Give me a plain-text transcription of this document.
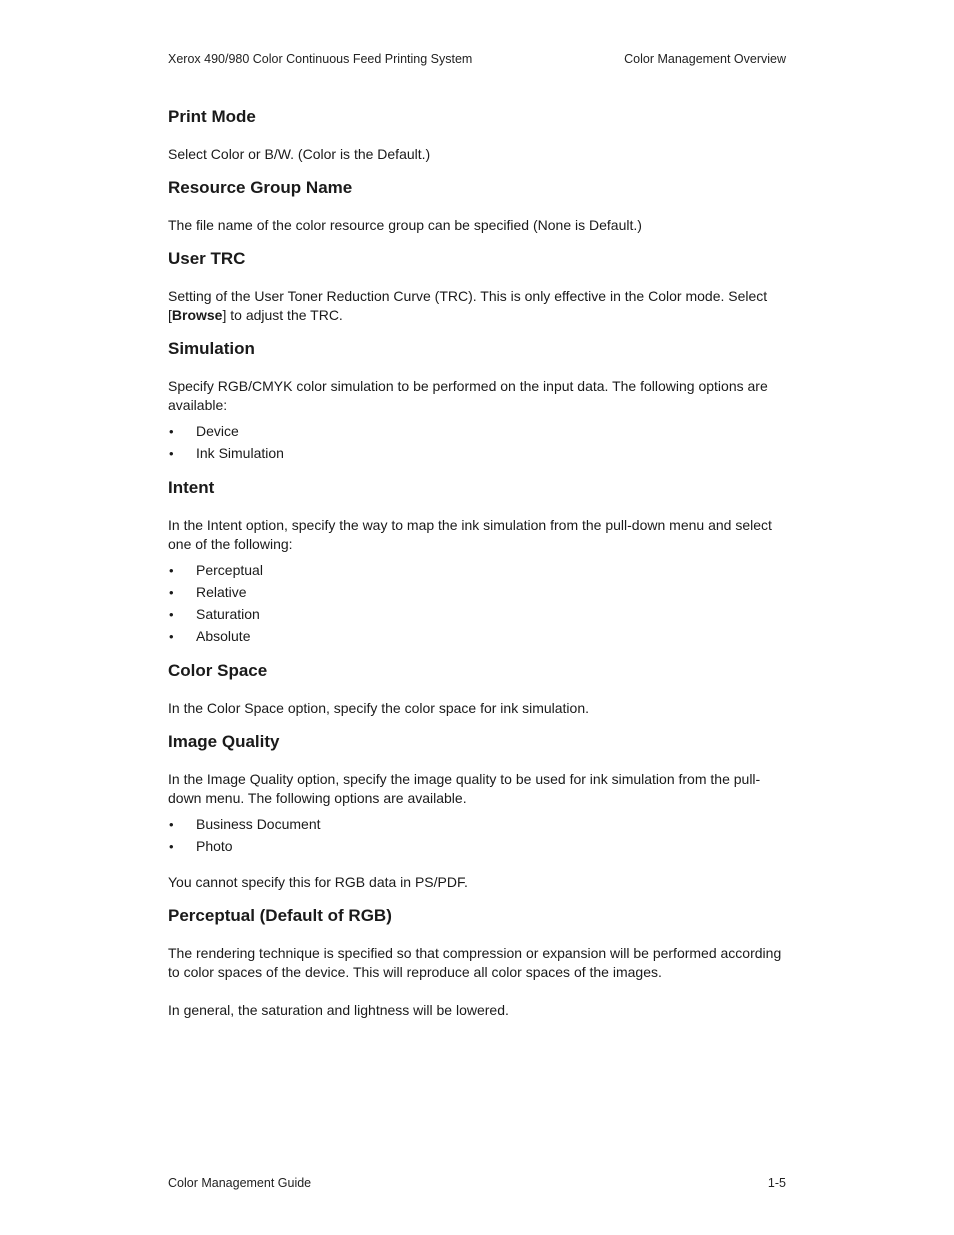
Xerox 490/980 Color Continuous Feed Printing System	Color Management Overview
Print Mode

Select Color or B/W. (Color is the Default.)

Resource Group Name

The file name of the color resource group can be specified (None is Default.)

User TRC

Setting of the User Toner Reduction Curve (TRC). This is only effective in the Color mode. Select [Browse] to adjust the TRC.

Simulation

Specify RGB/CMYK color simulation to be performed on the input data. The following options are available:

• Device
• Ink Simulation
Intent

In the Intent option, specify the way to map the ink simulation from the pull-down menu and select one of the following:

• Perceptual
• Relative
• Saturation
• Absolute
Color Space

In the Color Space option, specify the color space for ink simulation.

Image Quality

In the Image Quality option, specify the image quality to be used for ink simulation from the pull-down menu. The following options are available.

• Business Document
• Photo

You cannot specify this for RGB data in PS/PDF.

Perceptual (Default of RGB)

The rendering technique is specified so that compression or expansion will be performed according to color spaces of the device. This will reproduce all color spaces of the images.

In general, the saturation and lightness will be lowered.

Color Management Guide	1-5
